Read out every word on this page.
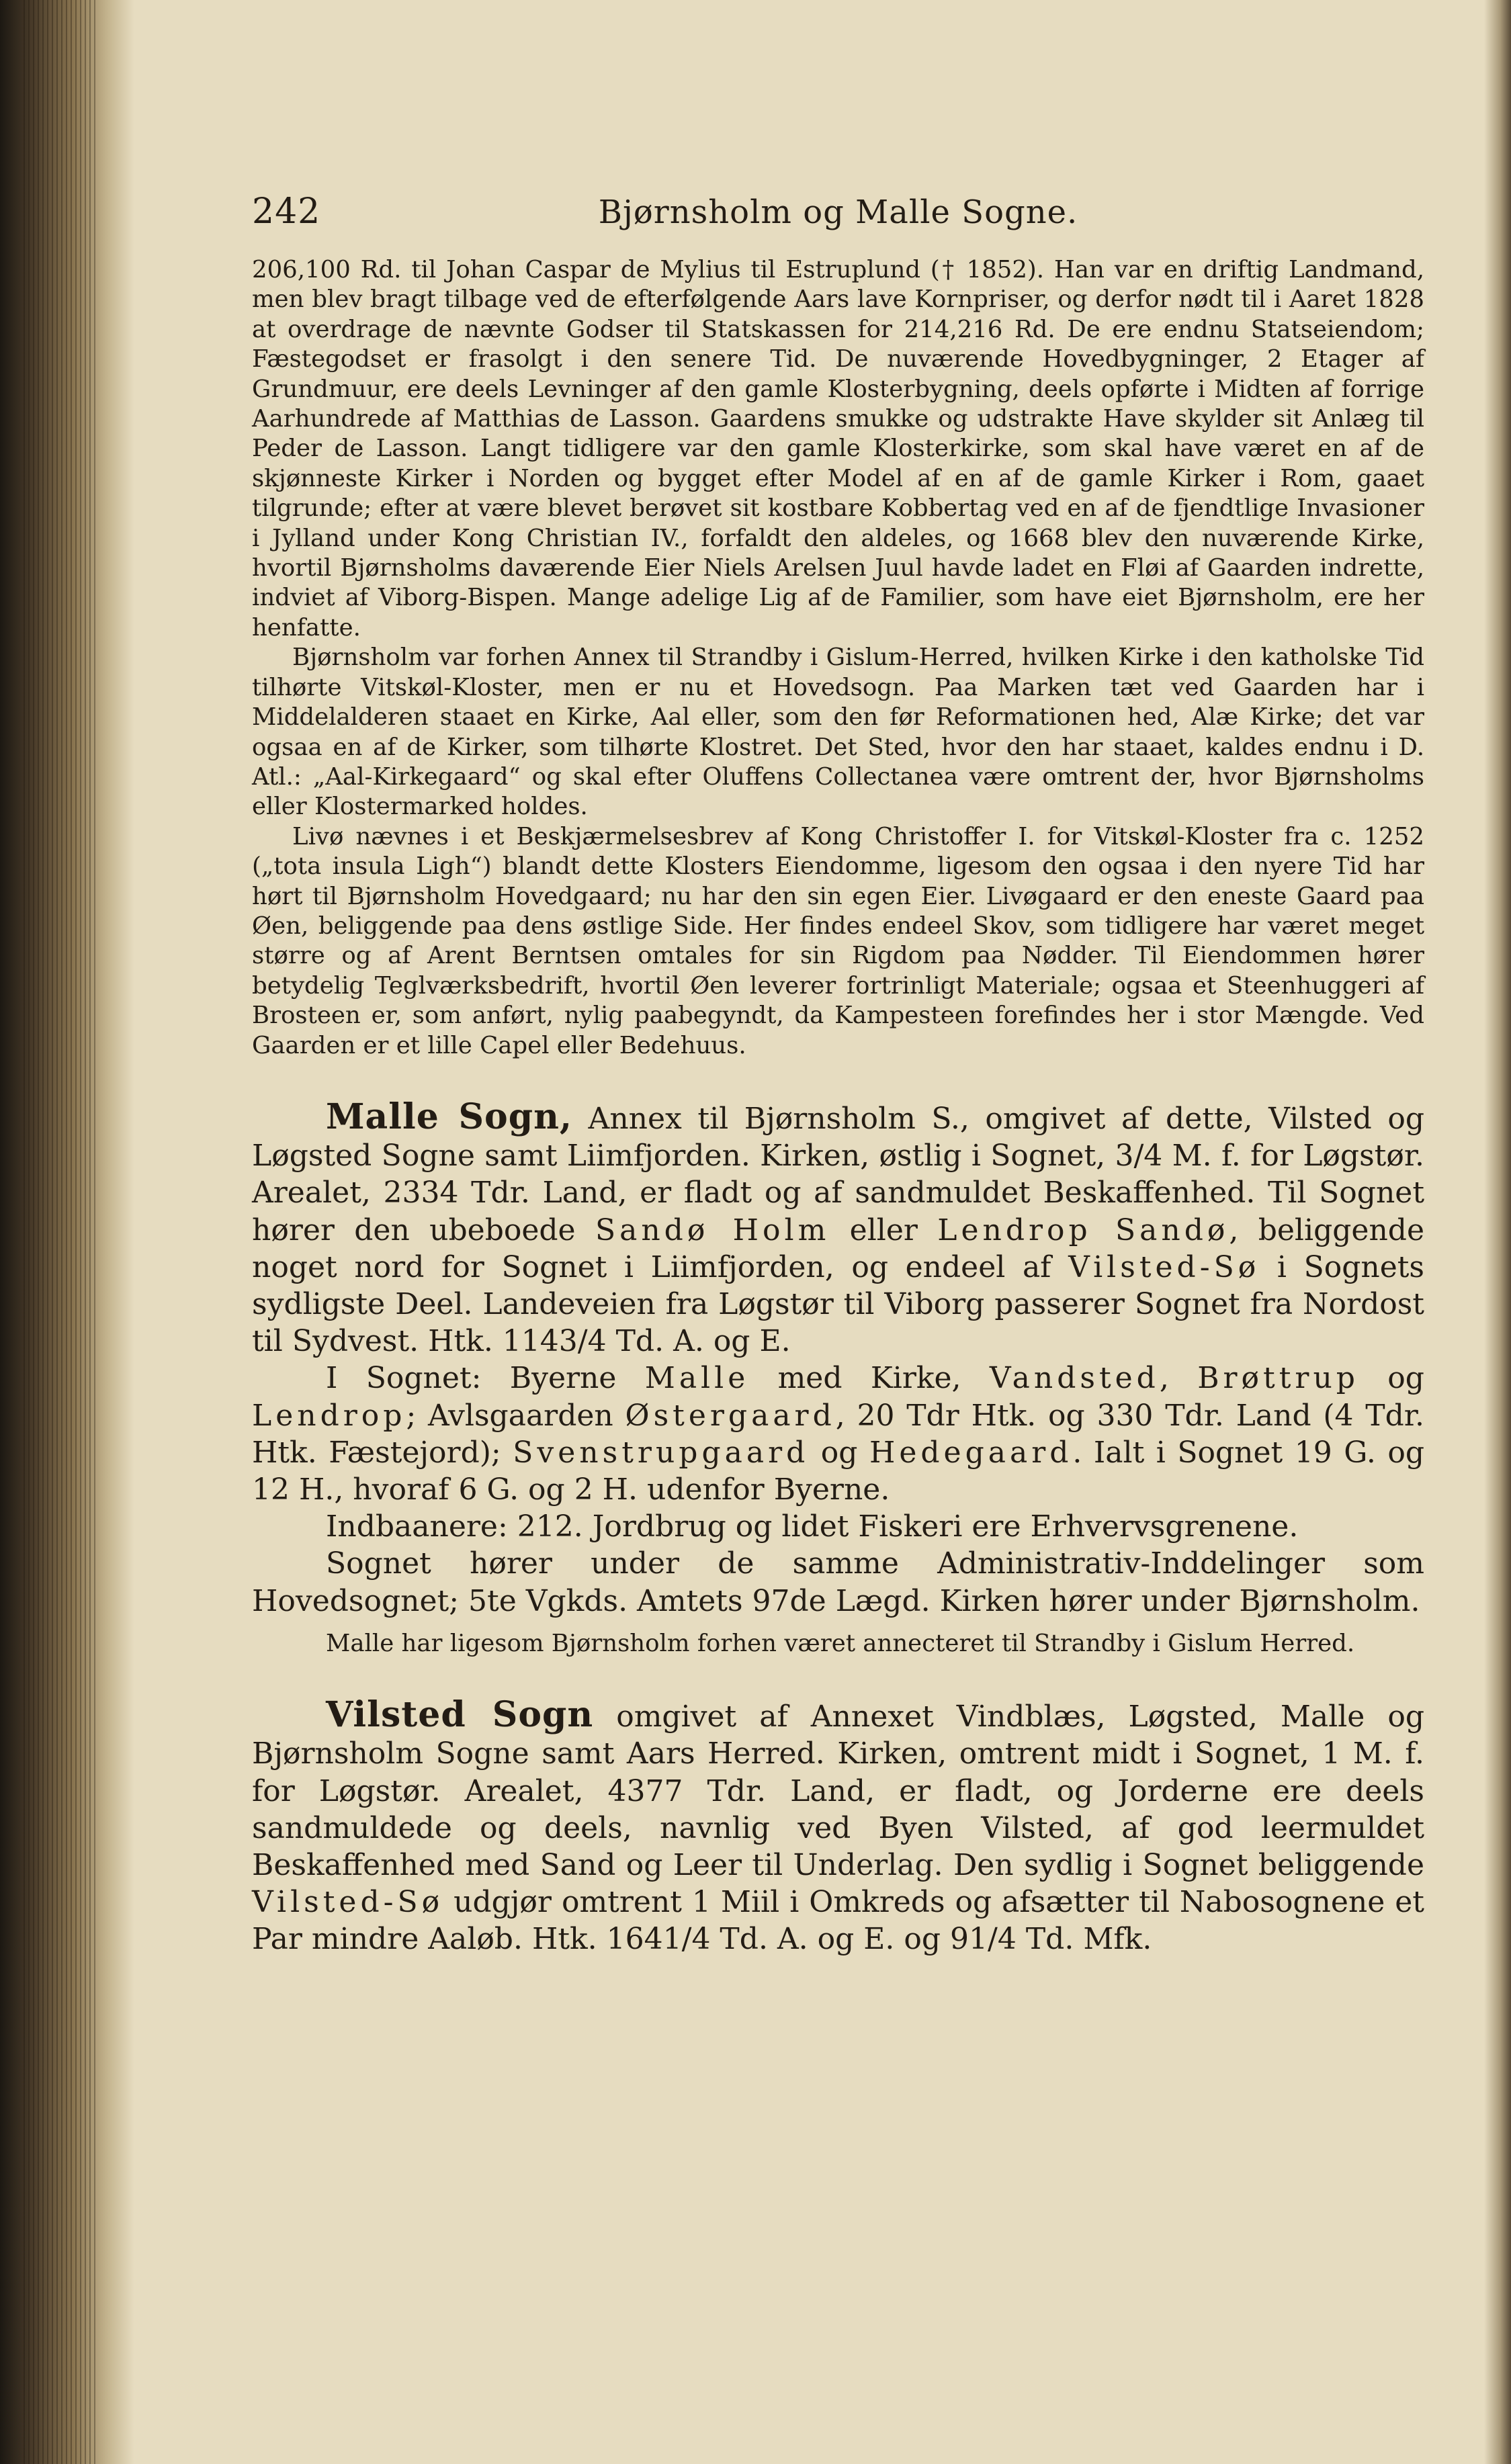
242	Bjørnsholm og Malle Sogne.

206,100 Rd. til Johan Caspar de Mylius til Estruplund († 1852). Han var en driftig Landmand, men blev bragt tilbage ved de efterfølgende Aars lave Kornpriser, og derfor nødt til i Aaret 1828 at overdrage de nævnte Godser til Statskassen for 214,216 Rd. De ere endnu Statseiendom; Fæstegodset er frasolgt i den senere Tid. De nuværende Hovedbygninger, 2 Etager af Grundmuur, ere deels Levninger af den gamle Klosterbygning, deels opførte i Midten af forrige Aarhundrede af Matthias de Lasson. Gaardens smukke og udstrakte Have skylder sit Anlæg til Peder de Lasson. Langt tidligere var den gamle Klosterkirke, som skal have været en af de skjønneste Kirker i Norden og bygget efter Model af en af de gamle Kirker i Rom, gaaet tilgrunde; efter at være blevet berøvet sit kostbare Kobbertag ved en af de fjendtlige Invasioner i Jylland under Kong Christian IV., forfaldt den aldeles, og 1668 blev den nuværende Kirke, hvortil Bjørnsholms daværende Eier Niels Arelsen Juul havde ladet en Fløi af Gaarden indrette, indviet af Viborg-Bispen. Mange adelige Lig af de Familier, som have eiet Bjørnsholm, ere her henfatte.

Bjørnsholm var forhen Annex til Strandby i Gislum-Herred, hvilken Kirke i den katholske Tid tilhørte Vitskøl-Kloster, men er nu et Hovedsogn. Paa Marken tæt ved Gaarden har i Middelalderen staaet en Kirke, Aal eller, som den før Reformationen hed, Alæ Kirke; det var ogsaa en af de Kirker, som tilhørte Klostret. Det Sted, hvor den har staaet, kaldes endnu i D. Atl.: „Aal-Kirkegaard“ og skal efter Oluffens Collectanea være omtrent der, hvor Bjørnsholms eller Klostermarked holdes.

Livø nævnes i et Beskjærmelsesbrev af Kong Christoffer I. for Vitskøl-Kloster fra c. 1252 („tota insula Ligh“) blandt dette Klosters Eiendomme, ligesom den ogsaa i den nyere Tid har hørt til Bjørnsholm Hovedgaard; nu har den sin egen Eier. Livøgaard er den eneste Gaard paa Øen, beliggende paa dens østlige Side. Her findes endeel Skov, som tidligere har været meget større og af Arent Berntsen omtales for sin Rigdom paa Nødder. Til Eiendommen hører betydelig Teglværksbedrift, hvortil Øen leverer fortrinligt Materiale; ogsaa et Steenhuggeri af Brosteen er, som anført, nylig paabegyndt, da Kampesteen forefindes her i stor Mængde. Ved Gaarden er et lille Capel eller Bedehuus.

Malle Sogn, Annex til Bjørnsholm S., omgivet af dette, Vilsted og Løgsted Sogne samt Liimfjorden. Kirken, østlig i Sognet, 3/4 M. f. for Løgstør. Arealet, 2334 Tdr. Land, er fladt og af sandmuldet Beskaffenhed. Til Sognet hører den ubeboede Sandø Holm eller Lendrop Sandø, beliggende noget nord for Sognet i Liimfjorden, og endeel af Vilsted-Sø i Sognets sydligste Deel. Landeveien fra Løgstør til Viborg passerer Sognet fra Nordost til Sydvest. Htk. 1143/4 Td. A. og E.

I Sognet: Byerne Malle med Kirke, Vandsted, Brøttrup og Lendrop; Avlsgaarden Østergaard, 20 Tdr Htk. og 330 Tdr. Land (4 Tdr. Htk. Fæstejord); Svenstrupgaard og Hedegaard. Ialt i Sognet 19 G. og 12 H., hvoraf 6 G. og 2 H. udenfor Byerne.

Indbaanere: 212. Jordbrug og lidet Fiskeri ere Erhvervsgrenene.

Sognet hører under de samme Administrativ-Inddelinger som Hovedsognet; 5te Vgkds. Amtets 97de Lægd. Kirken hører under Bjørnsholm.

Malle har ligesom Bjørnsholm forhen været annecteret til Strandby i Gislum Herred.

Vilsted Sogn omgivet af Annexet Vindblæs, Løgsted, Malle og Bjørnsholm Sogne samt Aars Herred. Kirken, omtrent midt i Sognet, 1 M. f. for Løgstør. Arealet, 4377 Tdr. Land, er fladt, og Jorderne ere deels sandmuldede og deels, navnlig ved Byen Vilsted, af god leermuldet Beskaffenhed med Sand og Leer til Underlag. Den sydlig i Sognet beliggende Vilsted-Sø udgjør omtrent 1 Miil i Omkreds og afsætter til Nabosognene et Par mindre Aaløb. Htk. 1641/4 Td. A. og E. og 91/4 Td. Mfk.
